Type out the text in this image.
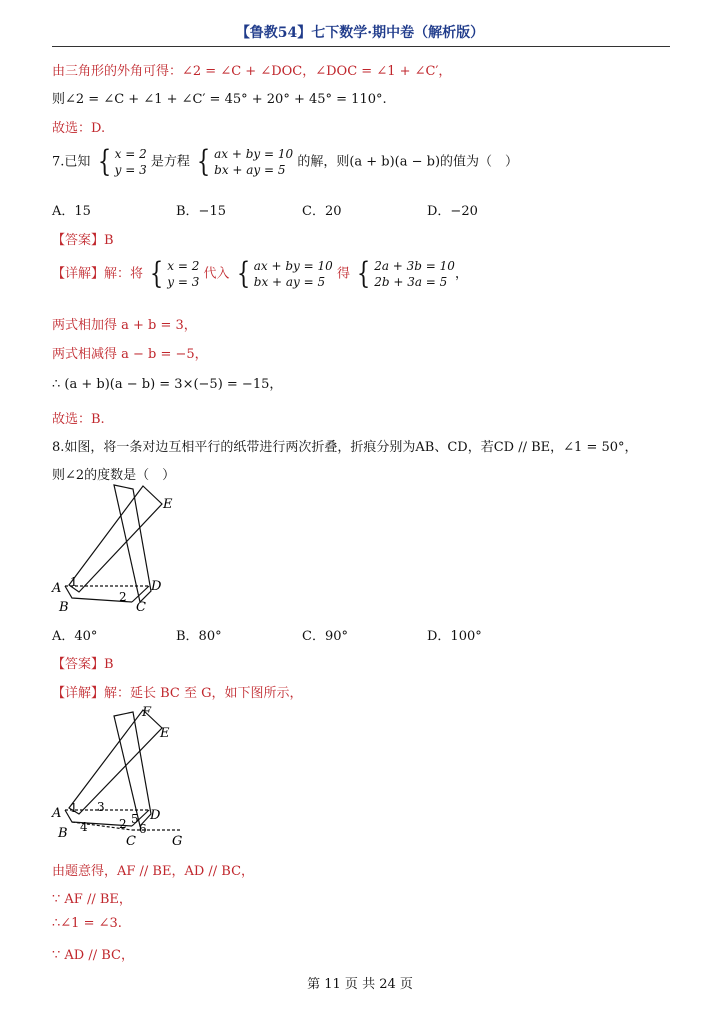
【鲁教54】七下数学·期中卷（解析版）
由三角形的外角可得：∠2 = ∠C + ∠DOC，∠DOC = ∠1 + ∠C′，
则∠2 = ∠C + ∠1 + ∠C′ = 45° + 20° + 45° = 110°.
故选：D.
7.已知 { x = 2
y = 3
是方程 { ax + by = 10
bx + ay = 5
的解，则(a + b)(a − b)的值为（　）
A．15	B．−15	C．20	D．−20
【答案】B
【详解】解：将 { x = 2
y = 3
代入 { ax + by = 10
bx + ay = 5
得 { 2a + 3b = 10
2b + 3a = 5
，
两式相加得 a + b = 3，
两式相减得 a − b = −5，
∴ (a + b)(a − b) = 3×(−5) = −15，
故选：B.
8.如图，将一条对边互相平行的纸带进行两次折叠，折痕分别为AB、CD，若CD // BE，∠1 = 50°，
则∠2的度数是（　）
E
A
B	C
D
1
2
A．40°	B．80°	C．90°	D．100°
【答案】B
【详解】解：延长 BC 至 G，如下图所示，
F
E
A
B
C
D
G
1
2
3
4
5
6
由题意得，AF // BE，AD // BC，
∵ AF // BE，
∴∠1 = ∠3.
∵ AD // BC，
第 11 页 共 24 页
